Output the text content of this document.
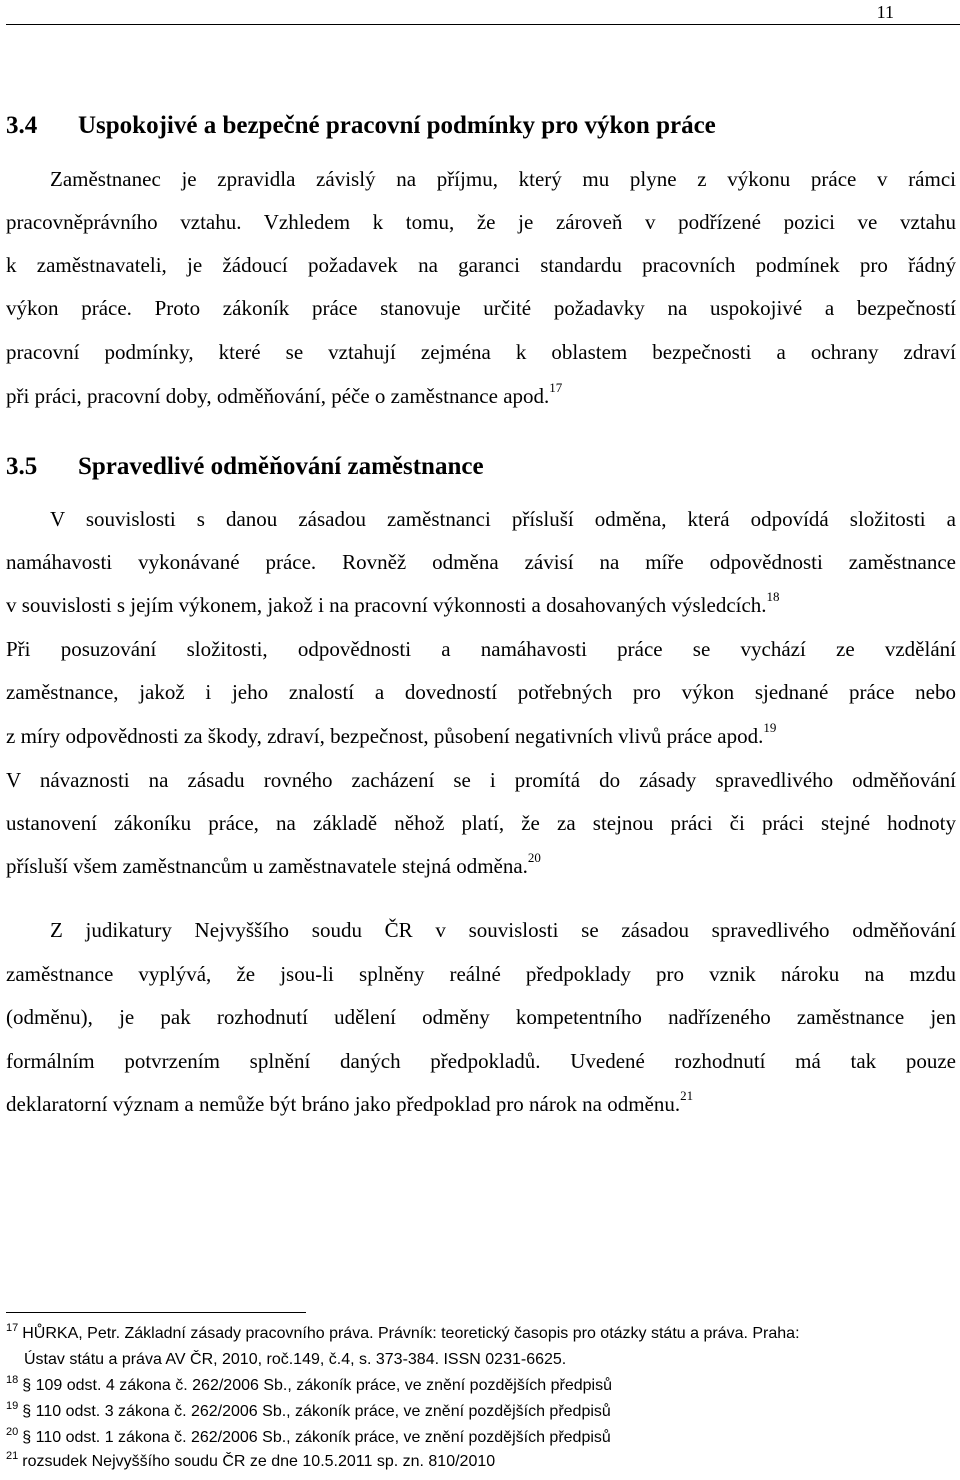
11
3.4 Uspokojivé a bezpečné pracovní podmínky pro výkon práce
Zaměstnanec je zpravidla závislý na příjmu, který mu plyne z výkonu práce v rámci
pracovněprávního vztahu. Vzhledem k tomu, že je zároveň v podřízené pozici ve vztahu
k zaměstnavateli, je žádoucí požadavek na garanci standardu pracovních podmínek pro řádný
výkon práce. Proto zákoník práce stanovuje určité požadavky na uspokojivé a bezpečností
pracovní podmínky, které se vztahují zejména k oblastem bezpečnosti a ochrany zdraví
při práci, pracovní doby, odměňování, péče o zaměstnance apod.$^{17}$
3.5 Spravedlivé odměňování zaměstnance
V souvislosti s danou zásadou zaměstnanci přísluší odměna, která odpovídá složitosti a
namáhavosti vykonávané práce. Rovněž odměna závisí na míře odpovědnosti zaměstnance
v souvislosti s jejím výkonem, jakož i na pracovní výkonnosti a dosahovaných výsledcích.$^{18}$
Při posuzování složitosti, odpovědnosti a namáhavosti práce se vychází ze vzdělání
zaměstnance, jakož i jeho znalostí a dovedností potřebných pro výkon sjednané práce nebo
z míry odpovědnosti za škody, zdraví, bezpečnost, působení negativních vlivů práce apod.$^{19}$
V návaznosti na zásadu rovného zacházení se i promítá do zásady spravedlivého odměňování
ustanovení zákoníku práce, na základě něhož platí, že za stejnou práci či práci stejné hodnoty
přísluší všem zaměstnancům u zaměstnavatele stejná odměna.$^{20}$
Z judikatury Nejvyššího soudu ČR v souvislosti se zásadou spravedlivého odměňování
zaměstnance vyplývá, že jsou-li splněny reálné předpoklady pro vznik nároku na mzdu
(odměnu), je pak rozhodnutí udělení odměny kompetentního nadřízeného zaměstnance jen
formálním potvrzením splnění daných předpokladů. Uvedené rozhodnutí má tak pouze
deklaratorní význam a nemůže být bráno jako předpoklad pro nárok na odměnu.$^{21}$
$^{17}$ HŮRKA, Petr. Základní zásady pracovního práva. Právník: teoretický časopis pro otázky státu a práva. Praha:
Ústav státu a práva AV ČR, 2010, roč.149, č.4, s. 373-384. ISSN 0231-6625.
$^{18}$ § 109 odst. 4 zákona č. 262/2006 Sb., zákoník práce, ve znění pozdějších předpisů
$^{19}$ § 110 odst. 3 zákona č. 262/2006 Sb., zákoník práce, ve znění pozdějších předpisů
$^{20}$ § 110 odst. 1 zákona č. 262/2006 Sb., zákoník práce, ve znění pozdějších předpisů
$^{21}$ rozsudek Nejvyššího soudu ČR ze dne 10.5.2011 sp. zn. 810/2010
